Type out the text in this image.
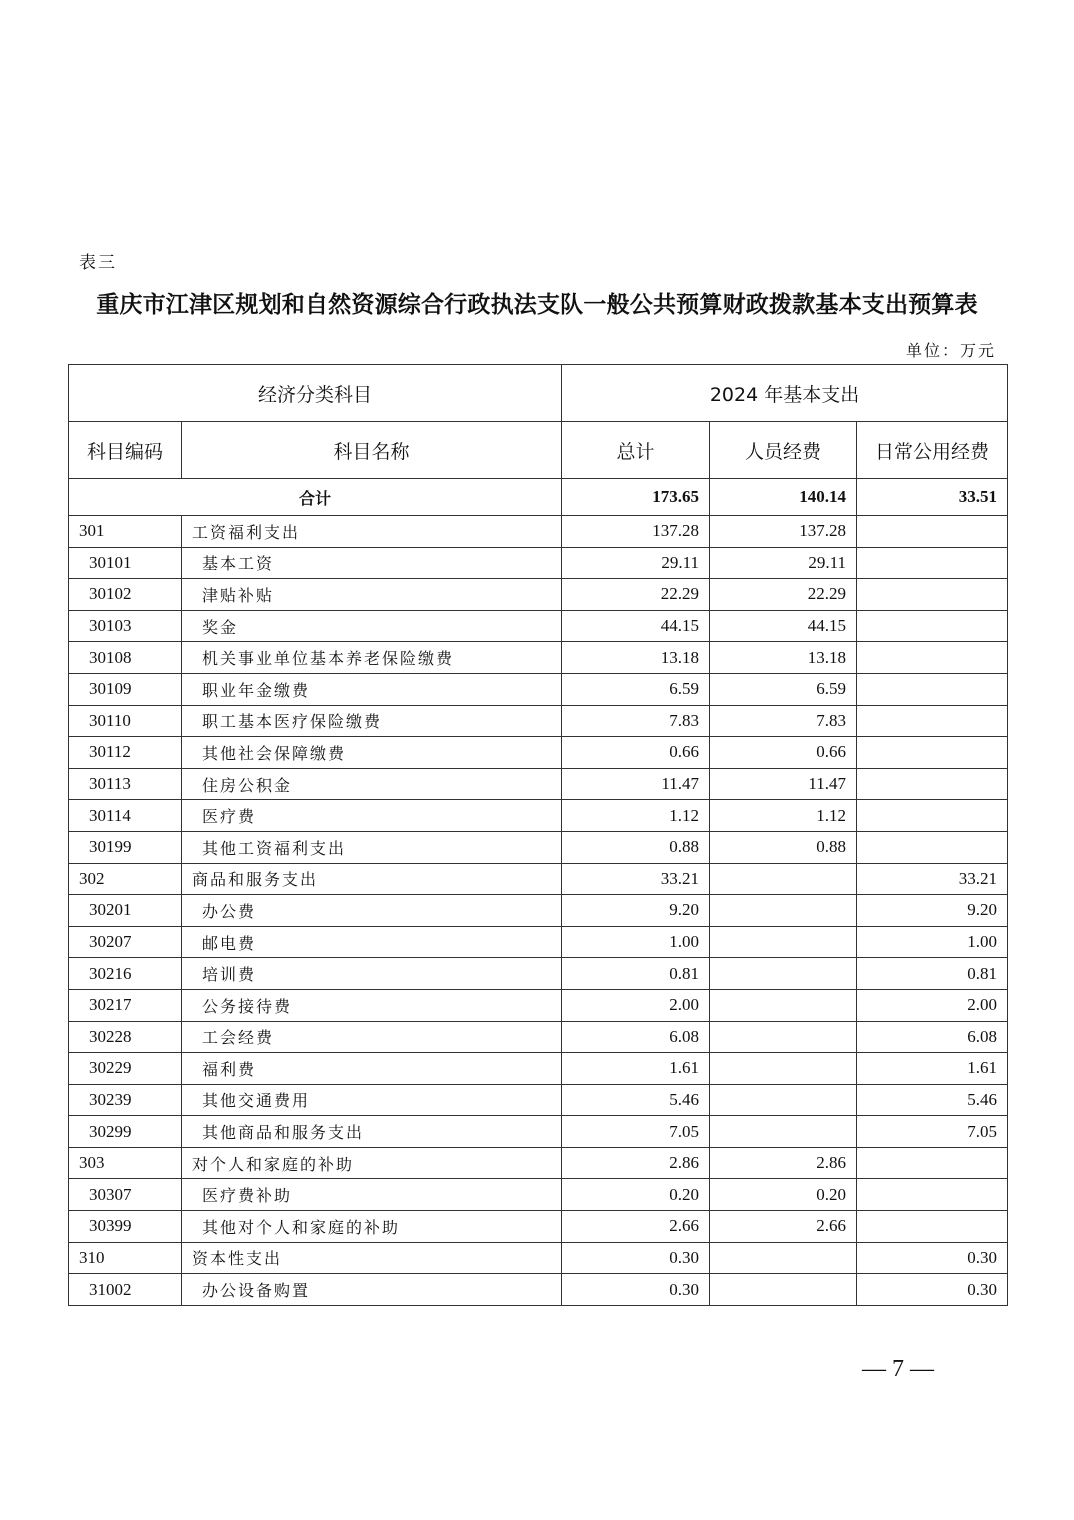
表三
重庆市江津区规划和自然资源综合行政执法支队一般公共预算财政拨款基本支出预算表
单位：万元
经济分类科目		2024 年基本支出		
科目编码	科目名称	总计	人员经费	日常公用经费
合计		173.65	140.14	33.51
301	工资福利支出	137.28	137.28	
30101	基本工资	29.11	29.11	
30102	津贴补贴	22.29	22.29	
30103	奖金	44.15	44.15	
30108	机关事业单位基本养老保险缴费	13.18	13.18	
30109	职业年金缴费	6.59	6.59	
30110	职工基本医疗保险缴费	7.83	7.83	
30112	其他社会保障缴费	0.66	0.66	
30113	住房公积金	11.47	11.47	
30114	医疗费	1.12	1.12	
30199	其他工资福利支出	0.88	0.88	
302	商品和服务支出	33.21		33.21
30201	办公费	9.20		9.20
30207	邮电费	1.00		1.00
30216	培训费	0.81		0.81
30217	公务接待费	2.00		2.00
30228	工会经费	6.08		6.08
30229	福利费	1.61		1.61
30239	其他交通费用	5.46		5.46
30299	其他商品和服务支出	7.05		7.05
303	对个人和家庭的补助	2.86	2.86	
30307	医疗费补助	0.20	0.20	
30399	其他对个人和家庭的补助	2.66	2.66	
310	资本性支出	0.30		0.30
31002	办公设备购置	0.30		0.30
— 7 —
